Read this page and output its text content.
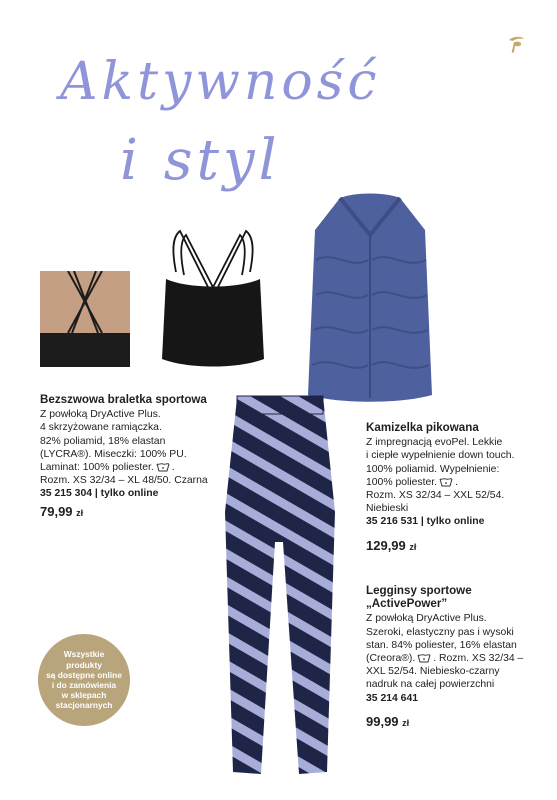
Aktywność
i styl
Bezszwowa braletka sportowa
Z powłoką DryActive Plus.
4 skrzyżowane ramiączka.
82% poliamid, 18% elastan
(LYCRA®). Miseczki: 100% PU.
Laminat: 100% poliester. .
Rozm. XS 32/34 – XL 48/50. Czarna
35 215 304 | tylko online
79,99 zł
Kamizelka pikowana
Z impregnacją evoPel. Lekkie
i ciepłe wypełnienie down touch.
100% poliamid. Wypełnienie:
100% poliester. .
Rozm. XS 32/34 – XXL 52/54.
Niebieski
35 216 531 | tylko online
129,99 zł
Legginsy sportowe
„ActivePower”
Z powłoką DryActive Plus.
Szeroki, elastyczny pas i wysoki
stan. 84% poliester, 16% elastan
(Creora®). . Rozm. XS 32/34 –
XXL 52/54. Niebiesko-czarny
nadruk na całej powierzchni
35 214 641
99,99 zł
Wszystkie
produkty
są dostępne online
i do zamówienia
w sklepach
stacjonarnych
